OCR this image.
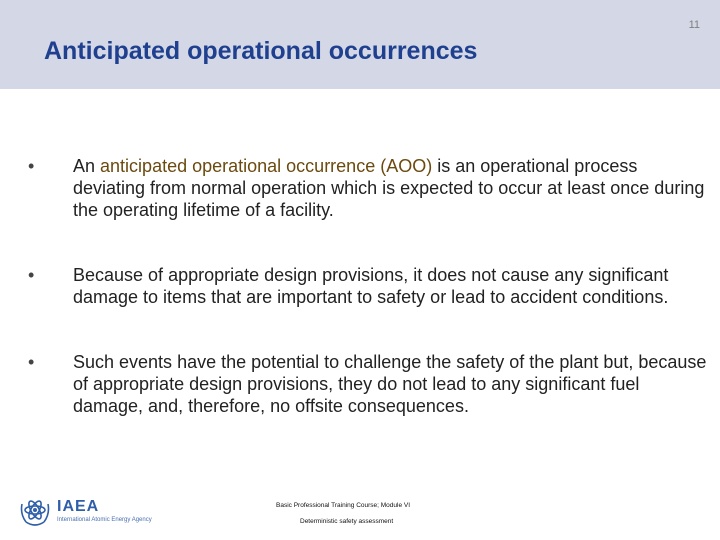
11
Anticipated operational occurrences
• An anticipated operational occurrence (AOO) is an operational process deviating from normal operation which is expected to occur at least once during the operating lifetime of a facility.
• Because of appropriate design provisions, it does not cause any significant damage to items that are important to safety or lead to accident conditions.
• Such events have the potential to challenge the safety of the plant but, because of appropriate design provisions, they do not lead to any significant fuel damage, and, therefore, no offsite consequences.
IAEA
International Atomic Energy Agency
Basic Professional Training Course; Module VI
Deterministic safety assessment
